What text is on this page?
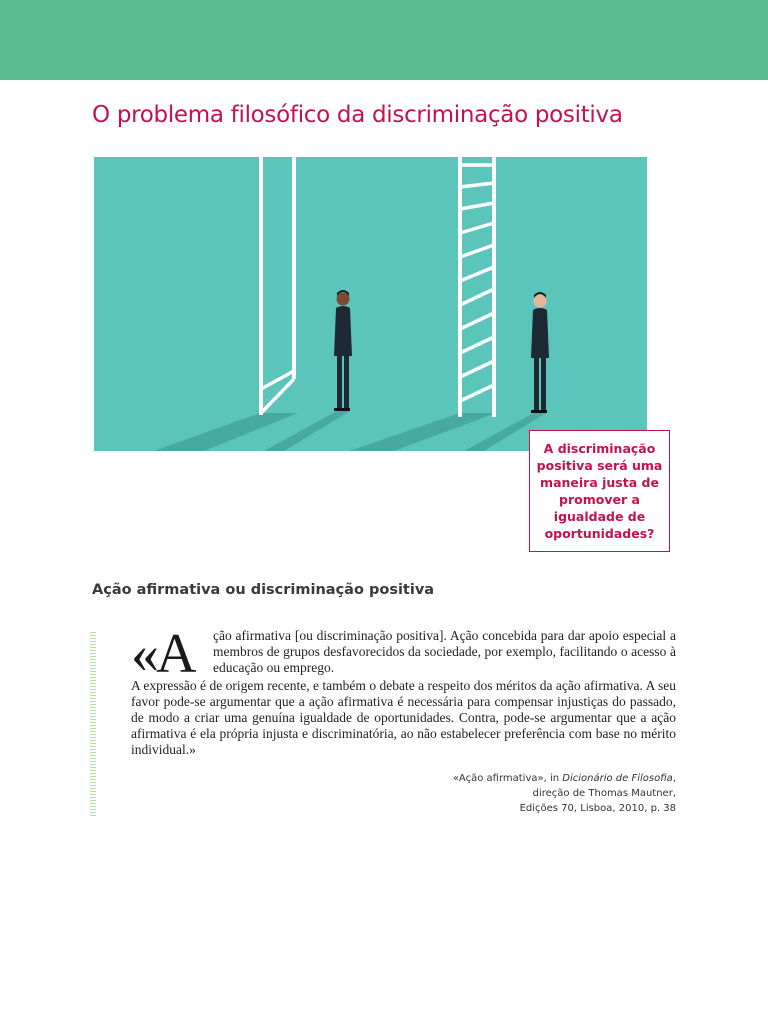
O problema filosófico da discriminação positiva
A discriminação positiva será uma maneira justa de promover a igualdade de oportunidades?
Ação afirmativa ou discriminação positiva
«A	ção afirmativa [ou discriminação positiva]. Ação concebida para dar apoio especial a membros de grupos desfavorecidos da sociedade, por exemplo, facilitando o acesso à educação ou emprego.

A expressão é de origem recente, e também o debate a respeito dos méritos da ação afirmativa. A seu favor pode-se argumentar que a ação afirmativa é necessária para compensar injustiças do passado, de modo a criar uma genuína igualdade de oportunidades. Contra, pode-se argumentar que a ação afirmativa é ela própria injusta e discriminatória, ao não estabelecer preferência com base no mérito individual.»

«Ação afirmativa», in Dicionário de Filosofia,
direção de Thomas Mautner,
Edições 70, Lisboa, 2010, p. 38
